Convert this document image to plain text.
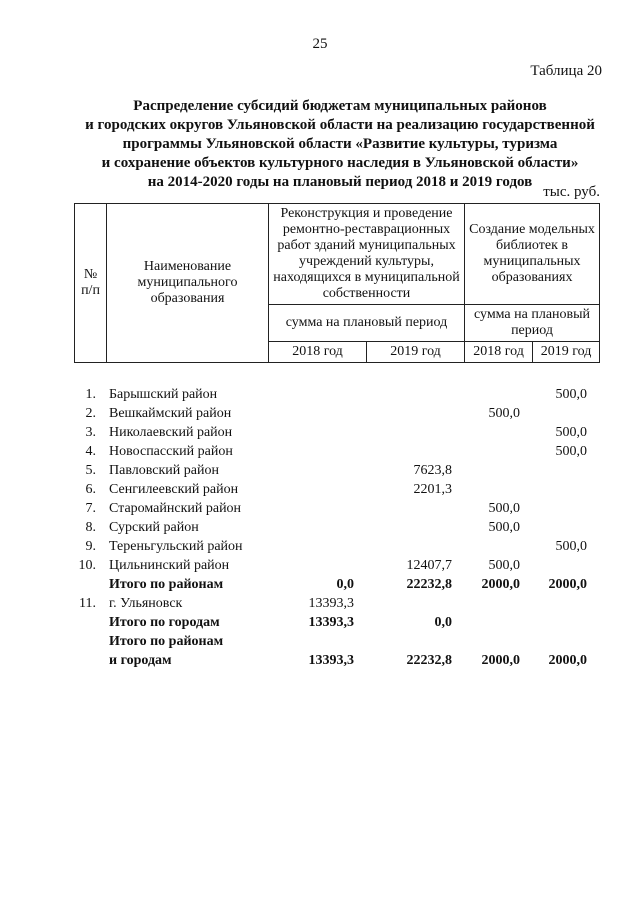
25
Таблица 20
Распределение субсидий бюджетам муниципальных районов
и городских округов Ульяновской области на реализацию государственной
программы Ульяновской области «Развитие культуры, туризма
и сохранение объектов культурного наследия в Ульяновской области»
на 2014-2020 годы на плановый период 2018 и 2019 годов
тыс. руб.
№ п/п	Наименование муниципального образования	Реконструкция и проведение ремонтно-реставрационных работ зданий муниципальных учреждений культуры, находящихся в муниципальной собственности		Создание модельных библиотек в муниципальных образованиях	
		сумма на плановый период		сумма на плановый период	
		2018 год	2019 год	2018 год	2019 год
1.	Барышский район				500,0
2.	Вешкаймский район			500,0	
3.	Николаевский район				500,0
4.	Новоспасский район				500,0
5.	Павловский район		7623,8		
6.	Сенгилеевский район		2201,3		
7.	Старомайнский район			500,0	
8.	Сурский район			500,0	
9.	Тереньгульский район				500,0
10.	Цильнинский район		12407,7	500,0	
	Итого по районам	0,0	22232,8	2000,0	2000,0
11.	г. Ульяновск	13393,3			
	Итого по городам	13393,3	0,0		

	Итого по районам
и городам	13393,3	22232,8	2000,0	2000,0
